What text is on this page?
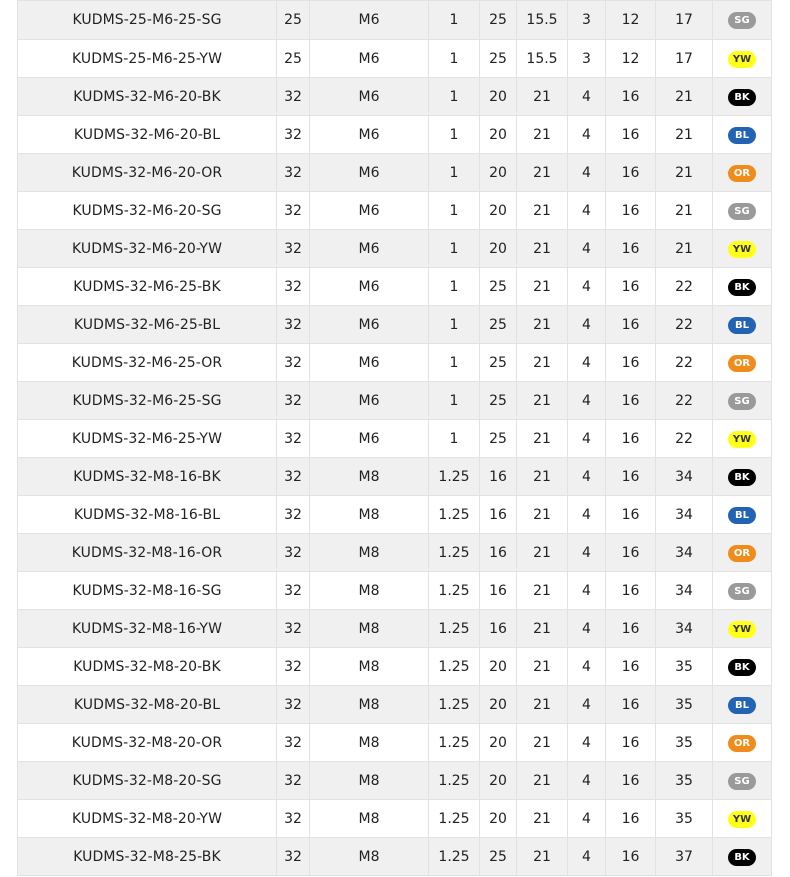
KUDMS-25-M6-25-SG	25	M6	1	25	15.5	3	12	17	SG
KUDMS-25-M6-25-YW	25	M6	1	25	15.5	3	12	17	YW
KUDMS-32-M6-20-BK	32	M6	1	20	21	4	16	21	BK
KUDMS-32-M6-20-BL	32	M6	1	20	21	4	16	21	BL
KUDMS-32-M6-20-OR	32	M6	1	20	21	4	16	21	OR
KUDMS-32-M6-20-SG	32	M6	1	20	21	4	16	21	SG
KUDMS-32-M6-20-YW	32	M6	1	20	21	4	16	21	YW
KUDMS-32-M6-25-BK	32	M6	1	25	21	4	16	22	BK
KUDMS-32-M6-25-BL	32	M6	1	25	21	4	16	22	BL
KUDMS-32-M6-25-OR	32	M6	1	25	21	4	16	22	OR
KUDMS-32-M6-25-SG	32	M6	1	25	21	4	16	22	SG
KUDMS-32-M6-25-YW	32	M6	1	25	21	4	16	22	YW
KUDMS-32-M8-16-BK	32	M8	1.25	16	21	4	16	34	BK
KUDMS-32-M8-16-BL	32	M8	1.25	16	21	4	16	34	BL
KUDMS-32-M8-16-OR	32	M8	1.25	16	21	4	16	34	OR
KUDMS-32-M8-16-SG	32	M8	1.25	16	21	4	16	34	SG
KUDMS-32-M8-16-YW	32	M8	1.25	16	21	4	16	34	YW
KUDMS-32-M8-20-BK	32	M8	1.25	20	21	4	16	35	BK
KUDMS-32-M8-20-BL	32	M8	1.25	20	21	4	16	35	BL
KUDMS-32-M8-20-OR	32	M8	1.25	20	21	4	16	35	OR
KUDMS-32-M8-20-SG	32	M8	1.25	20	21	4	16	35	SG
KUDMS-32-M8-20-YW	32	M8	1.25	20	21	4	16	35	YW
KUDMS-32-M8-25-BK	32	M8	1.25	25	21	4	16	37	BK
